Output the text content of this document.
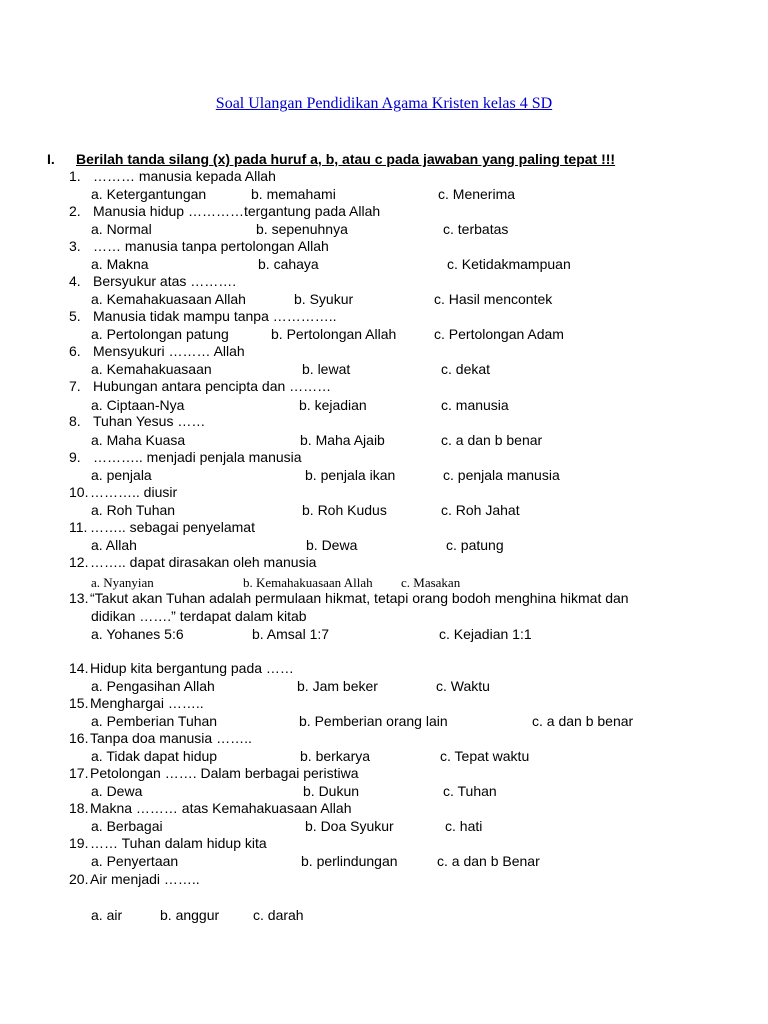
Soal Ulangan Pendidikan Agama Kristen kelas 4 SD
I. Berilah tanda silang (x) pada huruf a, b, atau c pada jawaban yang paling tepat !!!
1. ……… manusia kepada Allah
a. Ketergantungan	b. memahami	c. Menerima
2. Manusia hidup …………tergantung pada Allah
a. Normal	b. sepenuhnya	c. terbatas
3. …… manusia tanpa pertolongan Allah
a. Makna	b. cahaya	c. Ketidakmampuan
4. Bersyukur atas ……….
a. Kemahakuasaan Allah	b. Syukur	c. Hasil mencontek
5. Manusia tidak mampu tanpa …………..
a. Pertolongan patung	b. Pertolongan Allah	c. Pertolongan Adam
6. Mensyukuri ……… Allah
a. Kemahakuasaan	b. lewat	c. dekat
7. Hubungan antara pencipta dan ………
a. Ciptaan-Nya	b. kejadian	c. manusia
8. Tuhan Yesus ……
a. Maha Kuasa	b. Maha Ajaib	c. a dan b benar
9. ……….. menjadi penjala manusia
a. penjala	b. penjala ikan	c. penjala manusia
10. ……….. diusir
a. Roh Tuhan	b. Roh Kudus	c. Roh Jahat
11. …….. sebagai penyelamat
a. Allah	b. Dewa	c. patung
12. …….. dapat dirasakan oleh manusia
a. Nyanyian	b. Kemahakuasaan Allah c. Masakan
13. “Takut akan Tuhan adalah permulaan hikmat, tetapi orang bodoh menghina hikmat dan
didikan …….” terdapat dalam kitab
a. Yohanes 5:6	b. Amsal 1:7	c. Kejadian 1:1
14. Hidup kita bergantung pada ……
a. Pengasihan Allah	b. Jam beker	c. Waktu
15. Menghargai ……..
a. Pemberian Tuhan	b. Pemberian orang lain	c. a dan b benar
16. Tanpa doa manusia ……..
a. Tidak dapat hidup	b. berkarya	c. Tepat waktu
17. Petolongan ……. Dalam berbagai peristiwa
a. Dewa	b. Dukun	c. Tuhan
18. Makna ……… atas Kemahakuasaan Allah
a. Berbagai	b. Doa Syukur	c. hati
19. …… Tuhan dalam hidup kita
a. Penyertaan	b. perlindungan	c. a dan b Benar
20. Air menjadi ……..
a. air	b. anggur c. darah
